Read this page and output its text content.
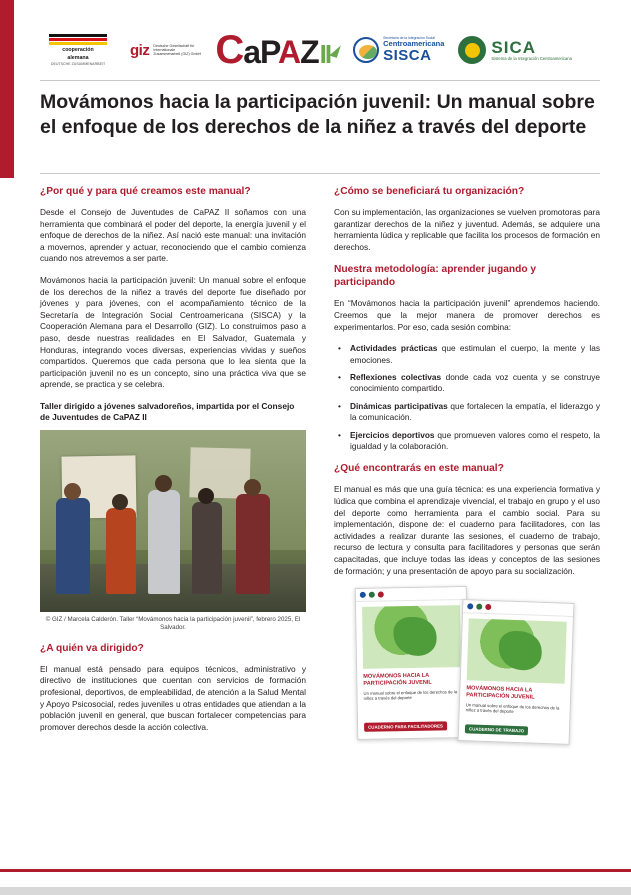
cooperación
alemana
DEUTSCHE ZUSAMMENARBEIT
giz Deutsche Gesellschaft für Internationale Zusammenarbeit (GIZ) GmbH CaPAZII
Secretaría de la Integración Social
Centroamericana
SISCA	SICA
Sistema de la Integración Centroamericana
Movámonos hacia la participación juvenil: Un manual sobre el enfoque de los derechos de la niñez a través del deporte
¿Por qué y para qué creamos este manual?

Desde el Consejo de Juventudes de CaPAZ II soñamos con una herramienta que combinará el poder del deporte, la energía juvenil y el enfoque de derechos de la niñez. Así nació este manual: una invitación a movernos, aprender y actuar, reconociendo que el cambio comienza cuando nos atrevemos a ser parte.

Movámonos hacia la participación juvenil: Un manual sobre el enfoque de los derechos de la niñez a través del deporte fue diseñado por jóvenes y para jóvenes, con el acompañamiento técnico de la Secretaría de Integración Social Centroamericana (SISCA) y la Cooperación Alemana para el Desarrollo (GIZ). Lo construimos paso a paso, desde nuestras realidades en El Salvador, Guatemala y Honduras, integrando voces diversas, experiencias vividas y sueños compartidos. Queremos que cada persona que lo lea sienta que la participación juvenil no es un concepto, sino una práctica viva que se aprende, se practica y se celebra.

Taller dirigido a jóvenes salvadoreños, impartida por el Consejo de Juventudes de CaPAZ II
© GIZ / Marcela Calderón. Taller “Movámonos hacia la participación juvenil”, febrero 2025, El Salvador.
¿A quién va dirigido?

El manual está pensado para equipos técnicos, administrativo y directivo de instituciones que cuentan con servicios de formación profesional, deportivos, de empleabilidad, de atención a la Salud Mental y Apoyo Psicosocial, redes juveniles u otras entidades que atiendan a la población juvenil en general, que buscan fortalecer competencias para promover derechos desde la acción colectiva.

¿Cómo se beneficiará tu organización?

Con su implementación, las organizaciones se vuelven promotoras para garantizar derechos de la niñez y juventud. Además, se adquiere una herramienta lúdica y replicable que facilita los procesos de formación en derechos.

Nuestra metodología: aprender jugando y participando

En “Movámonos hacia la participación juvenil” aprendemos haciendo. Creemos que la mejor manera de promover derechos es experimentarlos. Por eso, cada sesión combina:

• Actividades prácticas que estimulan el cuerpo, la mente y las emociones.
• Reflexiones colectivas donde cada voz cuenta y se construye conocimiento compartido.
• Dinámicas participativas que fortalecen la empatía, el liderazgo y la comunicación.
• Ejercicios deportivos que promueven valores como el respeto, la igualdad y la colaboración.
¿Qué encontrarás en este manual?

El manual es más que una guía técnica: es una experiencia formativa y lúdica que combina el aprendizaje vivencial, el trabajo en grupo y el uso del deporte como herramienta para el cambio social. Para su implementación, dispone de: el cuaderno para facilitadores, con las actividades a realizar durante las sesiones, el cuaderno de trabajo, recurso de lectura y consulta para facilitadores y personas que serán capacitadas, que incluye todas las ideas y conceptos de las sesiones de formación; y una presentación de apoyo para su socialización.

MOVÁMONOS HACIA LA PARTICIPACIÓN JUVENIL
Un manual sobre el enfoque de los derechos de la niñez a través del deporte
CUADERNO PARA FACILITADORES
MOVÁMONOS HACIA LA PARTICIPACIÓN JUVENIL
Un manual sobre el enfoque de los derechos de la niñez a través del deporte
CUADERNO DE TRABAJO
